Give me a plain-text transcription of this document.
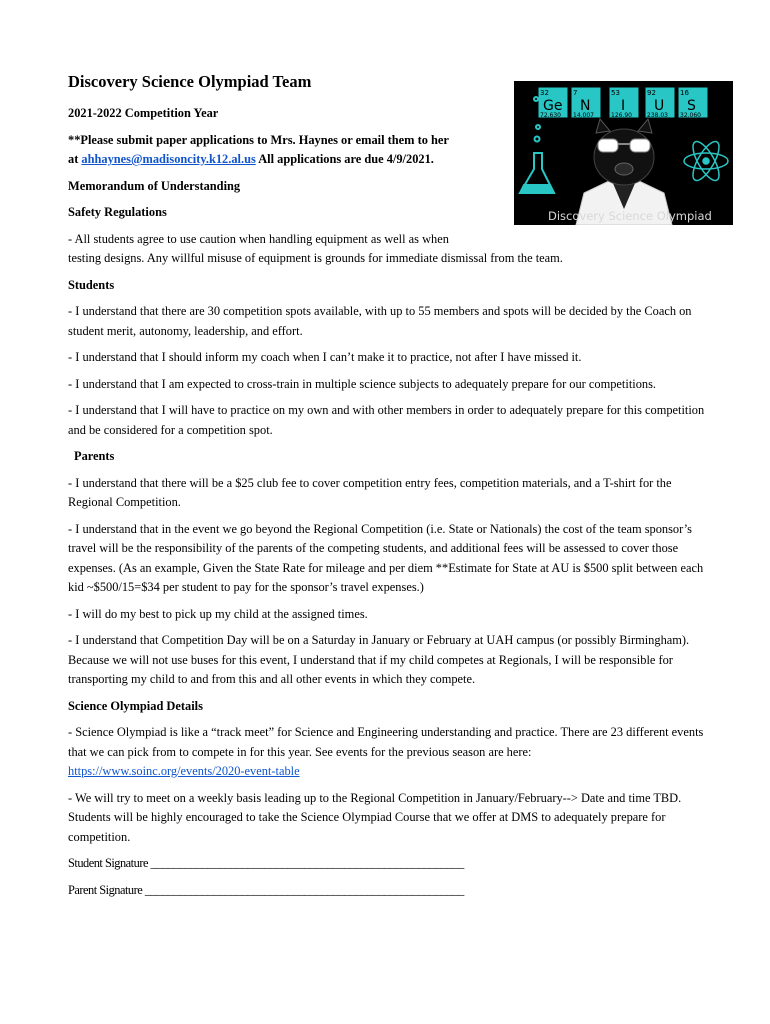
Discovery Science Olympiad Team
2021-2022 Competition Year
**Please submit paper applications to Mrs. Haynes or email them to her
at ahhaynes@madisoncity.k12.al.us All applications are due 4/9/2021.
Memorandum of Understanding
Safety Regulations
- All students agree to use caution when handling equipment as well as when
testing designs. Any willful misuse of equipment is grounds for immediate dismissal from the team.
Students
- I understand that there are 30 competition spots available, with up to 55 members and spots will be decided by the Coach on student merit, autonomy, leadership, and effort.
- I understand that I should inform my coach when I can’t make it to practice, not after I have missed it.
- I understand that I am expected to cross-train in multiple science subjects to adequately prepare for our competitions.
- I understand that I will have to practice on my own and with other members in order to adequately prepare for this competition and be considered for a competition spot.
Parents
- I understand that there will be a $25 club fee to cover competition entry fees, competition materials, and a T-shirt for the Regional Competition.
- I understand that in the event we go beyond the Regional Competition (i.e. State or Nationals) the cost of the team sponsor’s travel will be the responsibility of the parents of the competing students, and additional fees will be assessed to cover those expenses. (As an example, Given the State Rate for mileage and per diem **Estimate for State at AU is $500 split between each kid ~$500/15=$34 per student to pay for the sponsor’s travel expenses.)
- I will do my best to pick up my child at the assigned times.
- I understand that Competition Day will be on a Saturday in January or February at UAH campus (or possibly Birmingham). Because we will not use buses for this event, I understand that if my child competes at Regionals, I will be responsible for transporting my child to and from this and all other events in which they compete.
Science Olympiad Details
- Science Olympiad is like a “track meet” for Science and Engineering understanding and practice. There are 23 different events that we can pick from to compete in for this year. See events for the previous season are here: https://www.soinc.org/events/2020-event-table
- We will try to meet on a weekly basis leading up to the Regional Competition in January/February--> Date and time TBD. Students will be highly encouraged to take the Science Olympiad Course that we offer at DMS to adequately prepare for competition.
Student Signature _______________________________________________________
Parent Signature ________________________________________________________
32
Ge
72.630
7
N
14.007
53
I
126.90
92
U
238.03
16
S
32.060
Discovery Science Olympiad
